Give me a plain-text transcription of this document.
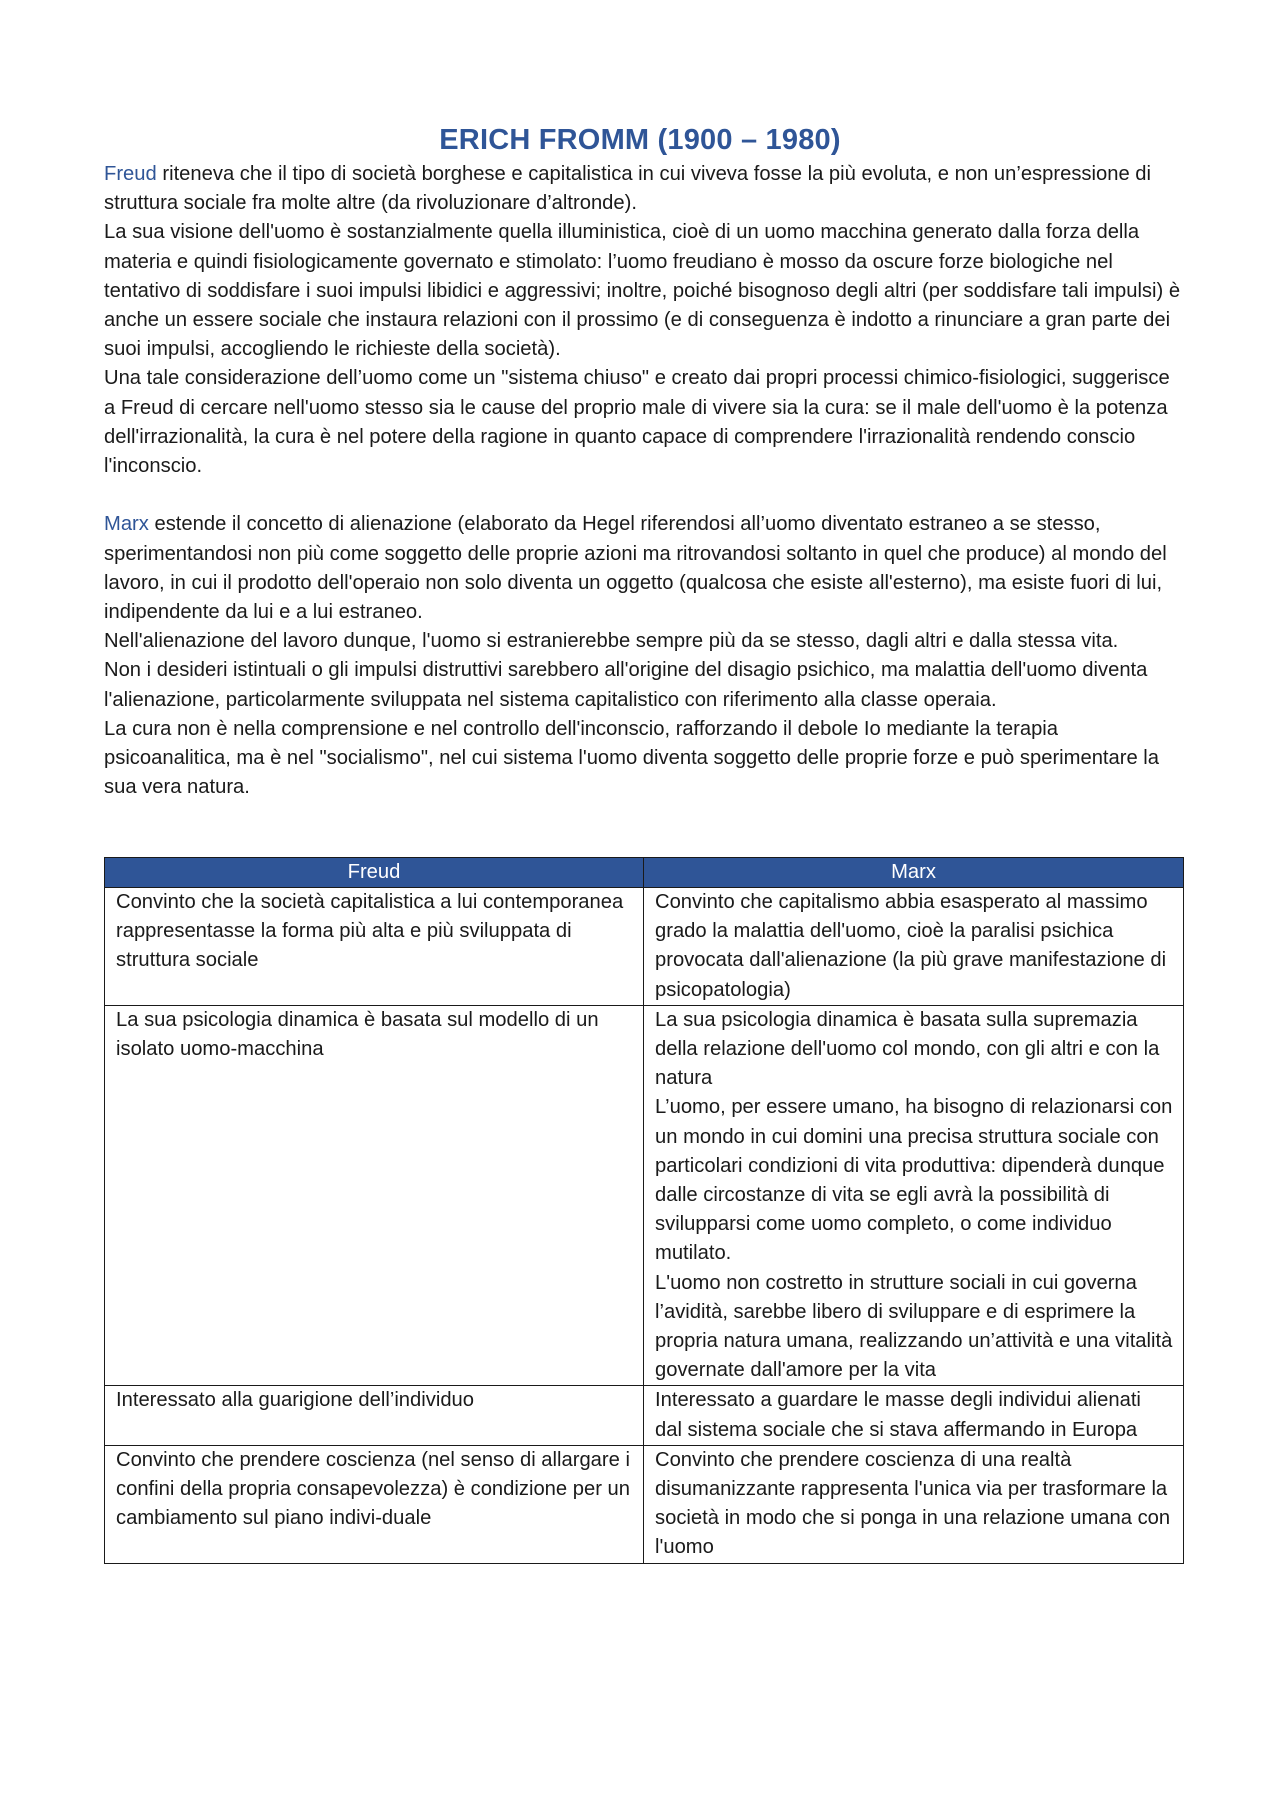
ERICH FROMM (1900 – 1980)

Freud riteneva che il tipo di società borghese e capitalistica in cui viveva fosse la più evoluta, e non un’espressione di struttura sociale fra molte altre (da rivoluzionare d’altronde).

La sua visione dell'uomo è sostanzialmente quella illuministica, cioè di un uomo macchina generato dalla forza della materia e quindi fisiologicamente governato e stimolato: l’uomo freudiano è mosso da oscure forze biologiche nel tentativo di soddisfare i suoi impulsi libidici e aggressivi; inoltre, poiché bisognoso degli altri (per soddisfare tali impulsi) è anche un essere sociale che instaura relazioni con il prossimo (e di conseguenza è indotto a rinunciare a gran parte dei suoi impulsi, accogliendo le richieste della società).

Una tale considerazione dell’uomo come un "sistema chiuso" e creato dai propri processi chimico-fisiologici, suggerisce a Freud di cercare nell'uomo stesso sia le cause del proprio male di vivere sia la cura: se il male dell'uomo è la potenza dell'irrazionalità, la cura è nel potere della ragione in quanto capace di comprendere l'irrazionalità rendendo conscio l'inconscio.

Marx estende il concetto di alienazione (elaborato da Hegel riferendosi all’uomo diventato estraneo a se stesso, sperimentandosi non più come soggetto delle proprie azioni ma ritrovandosi soltanto in quel che produce) al mondo del lavoro, in cui il prodotto dell'operaio non solo diventa un oggetto (qualcosa che esiste all'esterno), ma esiste fuori di lui, indipendente da lui e a lui estraneo.

Nell'alienazione del lavoro dunque, l'uomo si estranierebbe sempre più da se stesso, dagli altri e dalla stessa vita.

Non i desideri istintuali o gli impulsi distruttivi sarebbero all'origine del disagio psichico, ma malattia dell'uomo diventa l'alienazione, particolarmente sviluppata nel sistema capitalistico con riferimento alla classe operaia.

La cura non è nella comprensione e nel controllo dell'inconscio, rafforzando il debole Io mediante la terapia psicoanalitica, ma è nel "socialismo", nel cui sistema l'uomo diventa soggetto delle proprie forze e può sperimentare la sua vera natura.

Freud	Marx

Convinto che la società capitalistica a lui contemporanea rappresentasse la forma più alta e più sviluppata di struttura sociale	Convinto che capitalismo abbia esasperato al massimo grado la malattia dell'uomo, cioè la paralisi psichica provocata dall'alienazione (la più grave manifestazione di psicopatologia)

La sua psicologia dinamica è basata sul modello di un isolato uomo-macchina	La sua psicologia dinamica è basata sulla supremazia della relazione dell'uomo col mondo, con gli altri e con la natura
L’uomo, per essere umano, ha bisogno di relazionarsi con un mondo in cui domini una precisa struttura sociale con particolari condizioni di vita produttiva: dipenderà dunque dalle circostanze di vita se egli avrà la possibilità di svilupparsi come uomo completo, o come individuo mutilato.
L'uomo non costretto in strutture sociali in cui governa l’avidità, sarebbe libero di sviluppare e di esprimere la propria natura umana, realizzando un’attività e una vitalità governate dall'amore per la vita

Interessato alla guarigione dell’individuo	Interessato a guardare le masse degli individui alienati dal sistema sociale che si stava affermando in Europa

Convinto che prendere coscienza (nel senso di allargare i confini della propria consapevolezza) è condizione per un cambiamento sul piano indivi-duale	Convinto che prendere coscienza di una realtà disumanizzante rappresenta l'unica via per trasformare la società in modo che si ponga in una relazione umana con l'uomo
